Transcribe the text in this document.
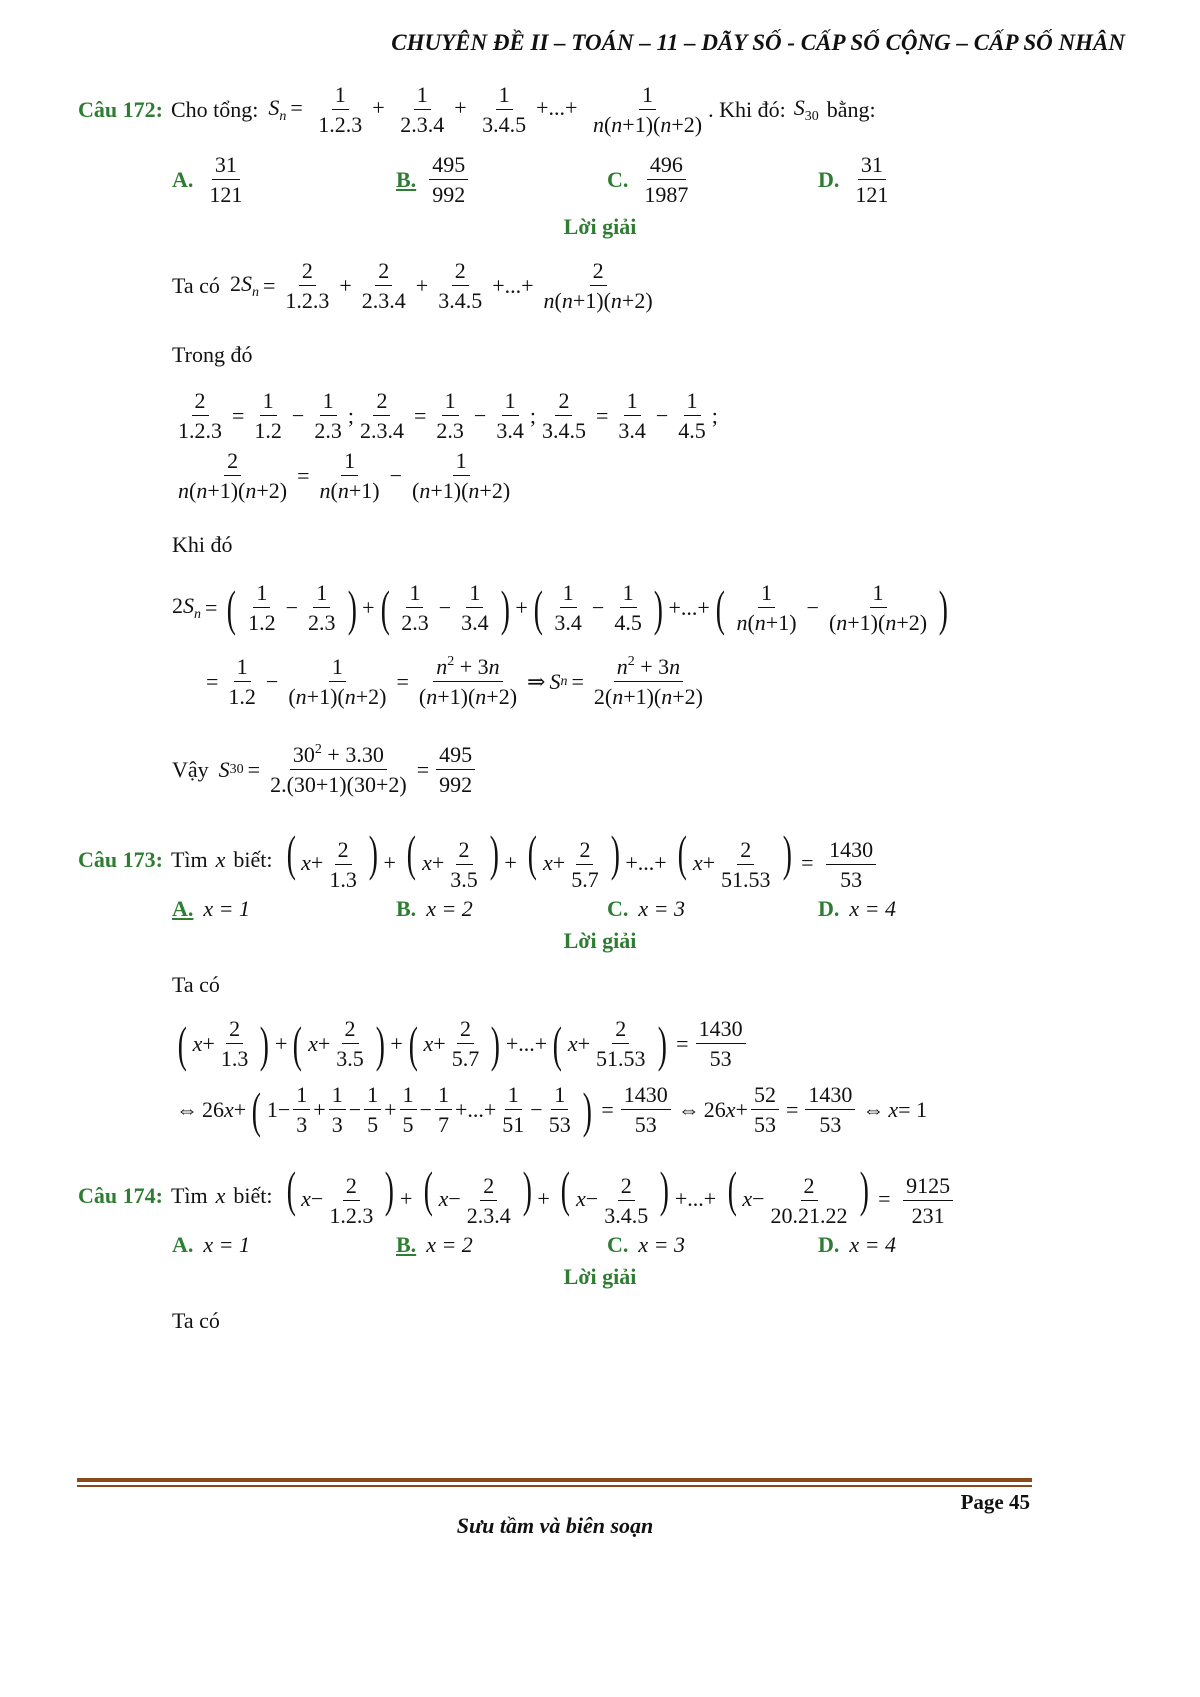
CHUYÊN ĐỀ II – TOÁN – 11 – DÃY SỐ - CẤP SỐ CỘNG – CẤP SỐ NHÂN
Câu 172: Cho tổng: $S_n = \frac{1}{1.2.3} + \frac{1}{2.3.4} + \frac{1}{3.4.5}$ +...+ $\frac{1}{n(n+1)(n+2)}$ . Khi đó: $S_{30}$ bằng:
A. $\frac{31}{121}$	B. $\frac{495}{992}$	C. $\frac{496}{1987}$	D. $\frac{31}{121}$
Lời giải
Ta có $2S_n = \frac{2}{1.2.3} + \frac{2}{2.3.4} + \frac{2}{3.4.5}$ +...+ $\frac{2}{n(n+1)(n+2)}$
Trong đó
$\frac{2}{1.2.3} = \frac{1}{1.2} - \frac{1}{2.3}$ ; $\frac{2}{2.3.4} = \frac{1}{2.3} - \frac{1}{3.4}$ ; $\frac{2}{3.4.5} = \frac{1}{3.4} - \frac{1}{4.5}$ ;
$\frac{2}{n(n+1)(n+2)} = \frac{1}{n(n+1)} - \frac{1}{(n+1)(n+2)}$
Khi đó
$2S_n$ = ( $\frac{1}{1.2} - \frac{1}{2.3}$ ) + ( $\frac{1}{2.3} - \frac{1}{3.4}$ ) + ( $\frac{1}{3.4} - \frac{1}{4.5}$ ) +...+ ( $\frac{1}{n(n+1)} - \frac{1}{(n+1)(n+2)}$ )
= $\frac{1}{1.2} - \frac{1}{(n+1)(n+2)} = \frac{n^2 + 3n}{(n+1)(n+2)}$ ⇒ S $n = \frac{n^2 + 3n}{2(n+1)(n+2)}$
Vậy S $30 = \frac{30^2 + 3.30}{2.(30+1)(30+2)} = \frac{495}{992}$
Câu 173: Tìm x biết: ( $x+ \frac{2}{1.3}$ ) + ( $x+ \frac{2}{3.5}$ ) + ( $x+ \frac{2}{5.7}$ ) +...+ ( $x+ \frac{2}{51.53}$ ) = $\frac{1430}{53}$
A. x = 1	B. x = 2	C. x = 3	D. x = 4
Lời giải
Ta có
( $x + \frac{2}{1.3}$ ) + ( $x + \frac{2}{3.5}$ ) + ( $x + \frac{2}{5.7}$ ) +...+ ( $x + \frac{2}{51.53}$ ) = $\frac{1430}{53}$
⇔ 26 x + ( $1- \frac{1}{3} + \frac{1}{3} - \frac{1}{5} + \frac{1}{5} - \frac{1}{7}$ +...+ $\frac{1}{51} - \frac{1}{53}$ ) = $\frac{1430}{53}$ ⇔ 26 $x + \frac{52}{53} = \frac{1430}{53}$ ⇔ x = 1
Câu 174: Tìm x biết: ( $x- \frac{2}{1.2.3}$ ) + ( $x- \frac{2}{2.3.4}$ ) + ( $x- \frac{2}{3.4.5}$ ) +...+ ( $x- \frac{2}{20.21.22}$ ) = $\frac{9125}{231}$
A. x = 1	B. x = 2	C. x = 3	D. x = 4
Lời giải
Ta có
Page 45
Sưu tầm và biên soạn
